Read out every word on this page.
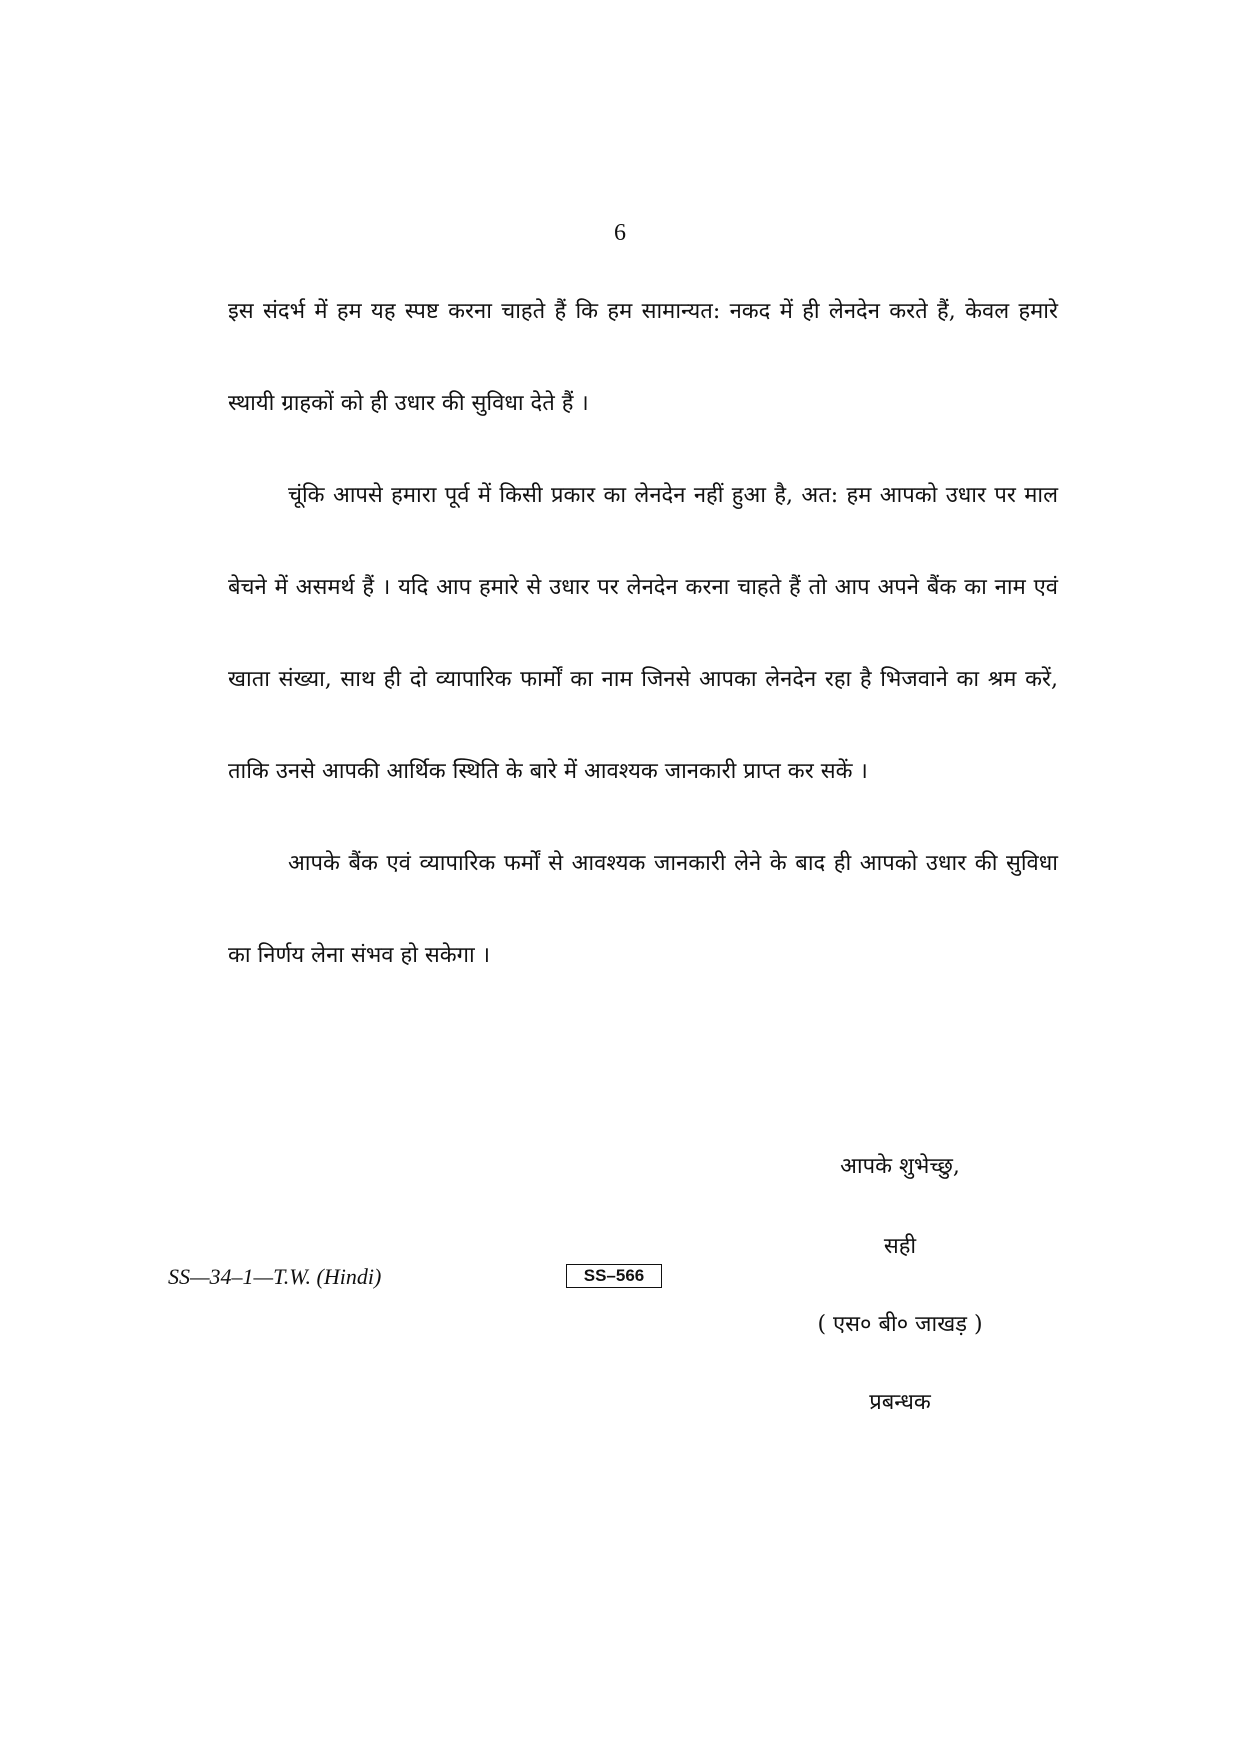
6

इस संदर्भ में हम यह स्पष्ट करना चाहते हैं कि हम सामान्यत: नकद में ही लेनदेन करते हैं, केवल हमारे स्थायी ग्राहकों को ही उधार की सुविधा देते हैं ।

चूंकि आपसे हमारा पूर्व में किसी प्रकार का लेनदेन नहीं हुआ है, अत: हम आपको उधार पर माल बेचने में असमर्थ हैं । यदि आप हमारे से उधार पर लेनदेन करना चाहते हैं तो आप अपने बैंक का नाम एवं खाता संख्या, साथ ही दो व्यापारिक फार्मों का नाम जिनसे आपका लेनदेन रहा है भिजवाने का श्रम करें, ताकि उनसे आपकी आर्थिक स्थिति के बारे में आवश्यक जानकारी प्राप्त कर सकें ।

आपके बैंक एवं व्यापारिक फर्मों से आवश्यक जानकारी लेने के बाद ही आपको उधार की सुविधा का निर्णय लेना संभव हो सकेगा ।

आपके शुभेच्छु,
सही
( एस० बी० जाखड़ )
प्रबन्धक
SS—34–1—T.W. (Hindi)	SS–566
